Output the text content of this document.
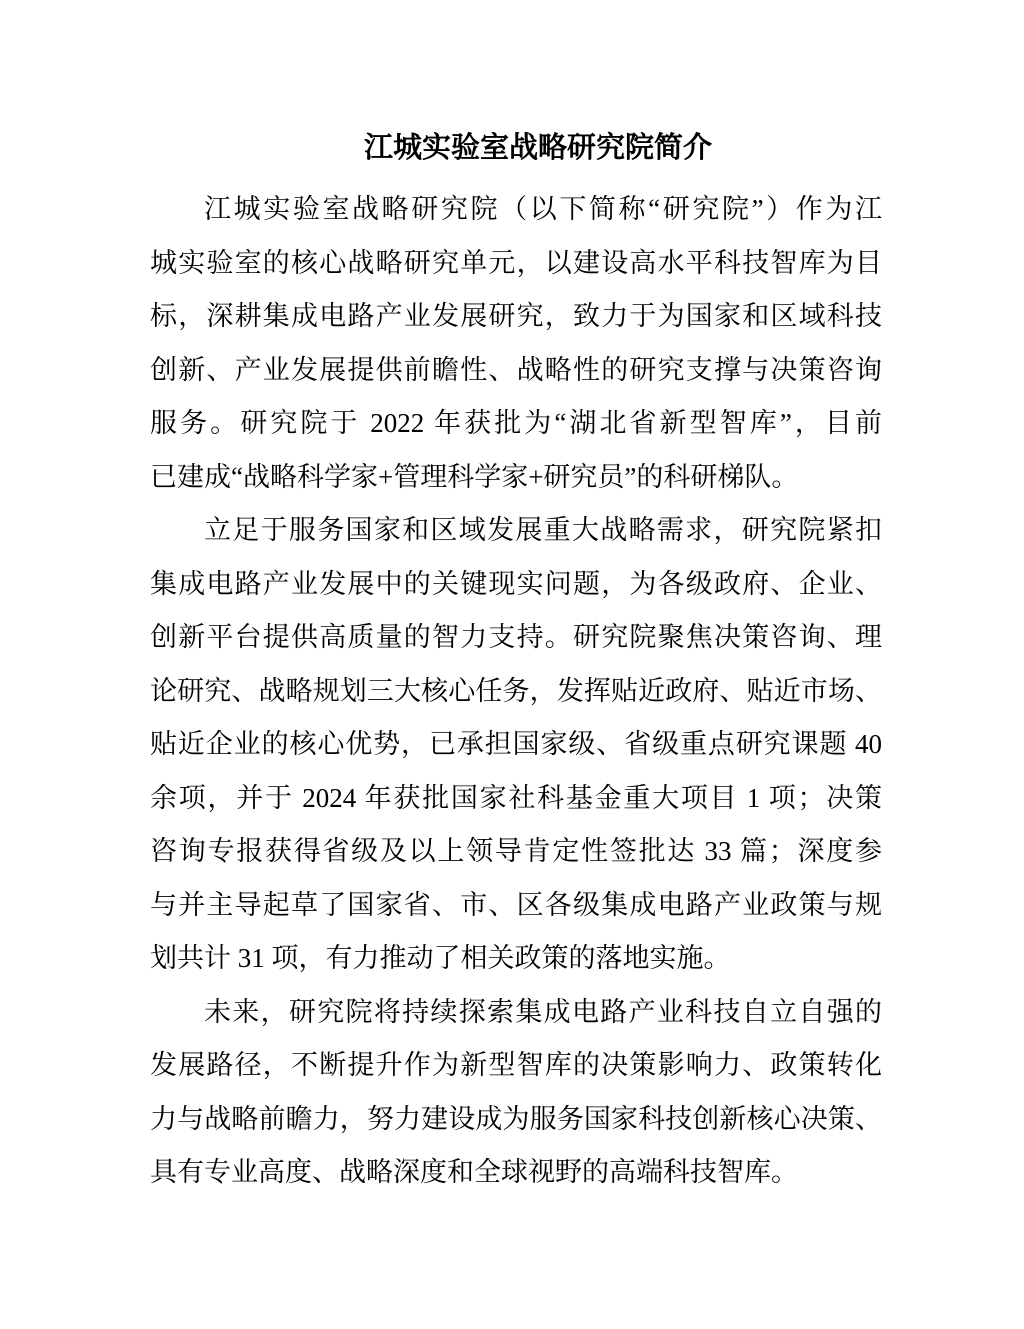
江城实验室战略研究院简介
江城实验室战略研究院（以下简称“研究院”）作为江
城实验室的核心战略研究单元，以建设高水平科技智库为目
标，深耕集成电路产业发展研究，致力于为国家和区域科技
创新、产业发展提供前瞻性、战略性的研究支撑与决策咨询
服务。研究院于 2022 年获批为“湖北省新型智库”，目前
已建成“战略科学家+管理科学家+研究员”的科研梯队。
立足于服务国家和区域发展重大战略需求，研究院紧扣
集成电路产业发展中的关键现实问题，为各级政府、企业、
创新平台提供高质量的智力支持。研究院聚焦决策咨询、理
论研究、战略规划三大核心任务，发挥贴近政府、贴近市场、
贴近企业的核心优势，已承担国家级、省级重点研究课题 40
余项，并于 2024 年获批国家社科基金重大项目 1 项；决策
咨询专报获得省级及以上领导肯定性签批达 33 篇；深度参
与并主导起草了国家省、市、区各级集成电路产业政策与规
划共计 31 项，有力推动了相关政策的落地实施。
未来，研究院将持续探索集成电路产业科技自立自强的
发展路径，不断提升作为新型智库的决策影响力、政策转化
力与战略前瞻力，努力建设成为服务国家科技创新核心决策、
具有专业高度、战略深度和全球视野的高端科技智库。
